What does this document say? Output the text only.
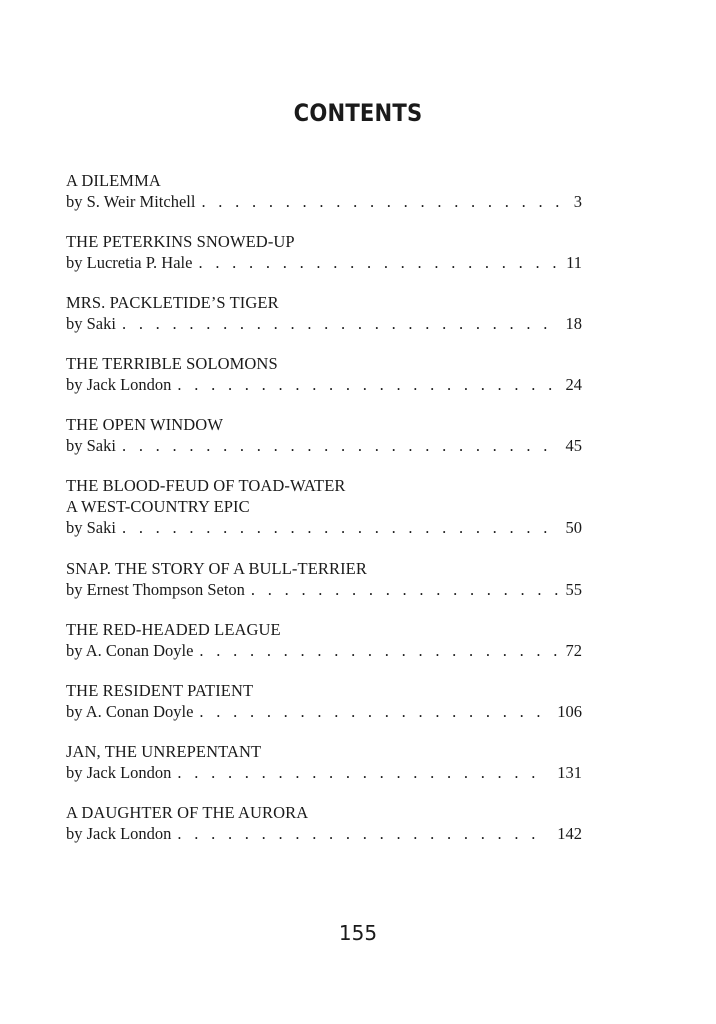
CONTENTS
A DILEMMA
by S. Weir Mitchell . . .	3
THE PETERKINS SNOWED-UP
by Lucretia P. Hale . . .	11
MRS. PACKLETIDE’S TIGER
by Saki . . .	18
THE TERRIBLE SOLOMONS
by Jack London . . .	24
THE OPEN WINDOW
by Saki . . .	45
THE BLOOD-FEUD OF TOAD-WATER
A WEST-COUNTRY EPIC
by Saki . . .	50
SNAP. THE STORY OF A BULL-TERRIER
by Ernest Thompson Seton . . .	55
THE RED-HEADED LEAGUE
by A. Conan Doyle . . .	72
THE RESIDENT PATIENT
by A. Conan Doyle . . .	106
JAN, THE UNREPENTANT
by Jack London . . .	131
A DAUGHTER OF THE AURORA
by Jack London . . .	142
155
